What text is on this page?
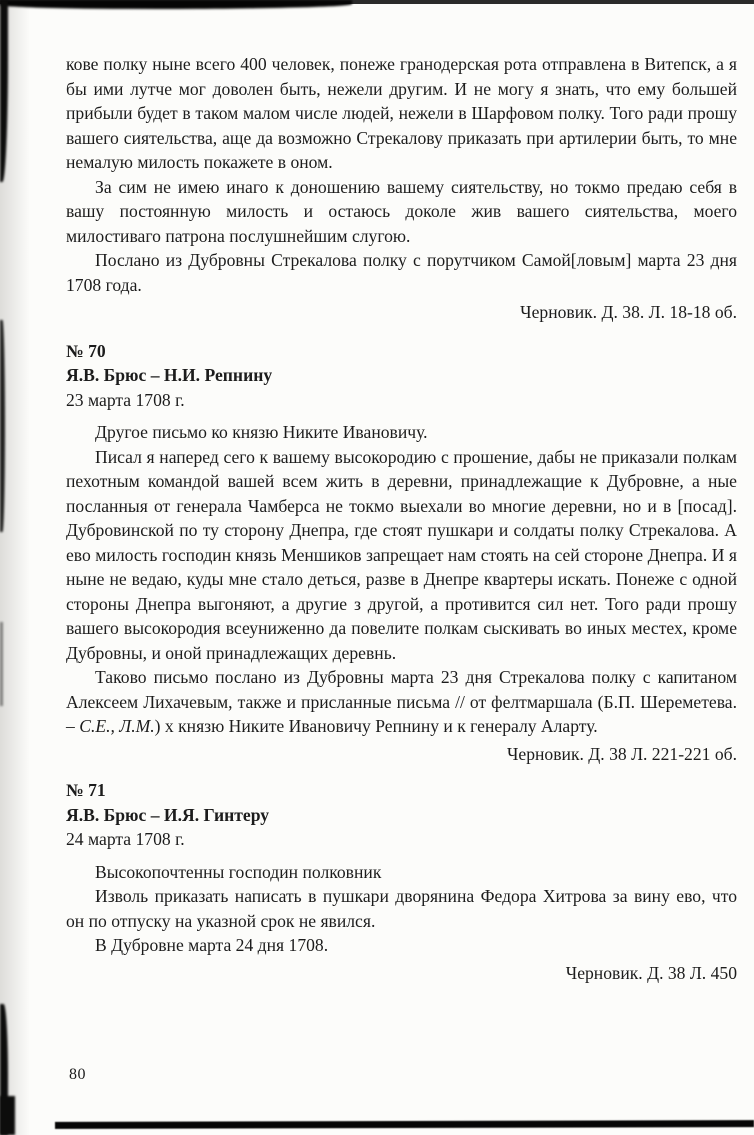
кове полку ныне всего 400 человек, понеже гранодерская рота отправлена в Витепск, а я бы ими лутче мог доволен быть, нежели другим. И не могу я знать, что ему большей прибыли будет в таком малом числе людей, нежели в Шарфовом полку. Того ради прошу вашего сиятельства, аще да возможно Стрекалову приказать при артилерии быть, то мне немалую милость покажете в оном.

За сим не имею инаго к доношению вашему сиятельству, но токмо предаю себя в вашу постоянную милость и остаюсь доколе жив вашего сиятельства, моего милостиваго патрона послушнейшим слугою.

Послано из Дубровны Стрекалова полку с порутчиком Самой[ловым] марта 23 дня 1708 года.

Черновик. Д. 38. Л. 18-18 об.

№ 70

Я.В. Брюс – Н.И. Репнину

23 марта 1708 г.

Другое письмо ко князю Никите Ивановичу.

Писал я наперед сего к вашему высокородию с прошение, дабы не приказали полкам пехотным командой вашей всем жить в деревни, принадлежащие к Дубровне, а ные посланныя от генерала Чамберса не токмо выехали во многие деревни, но и в [посад]. Дубровинской по ту сторону Днепра, где стоят пушкари и солдаты полку Стрекалова. А ево милость господин князь Меншиков запрещает нам стоять на сей стороне Днепра. И я ныне не ведаю, куды мне стало деться, разве в Днепре квартеры искать. Понеже с одной стороны Днепра выгоняют, а другие з другой, а противится сил нет. Того ради прошу вашего высокородия всеуниженно да повелите полкам сыскивать во иных местех, кроме Дубровны, и оной принадлежащих деревнь.

Таково письмо послано из Дубровны марта 23 дня Стрекалова полку с капитаном Алексеем Лихачевым, также и присланные письма // от фелтмаршала (Б.П. Шереметева. – С.Е., Л.М.) х князю Никите Ивановичу Репнину и к генералу Аларту.

Черновик. Д. 38 Л. 221-221 об.

№ 71

Я.В. Брюс – И.Я. Гинтеру

24 марта 1708 г.

Высокопочтенны господин полковник

Изволь приказать написать в пушкари дворянина Федора Хитрова за вину ево, что он по отпуску на указной срок не явился.

В Дубровне марта 24 дня 1708.

Черновик. Д. 38 Л. 450

80
